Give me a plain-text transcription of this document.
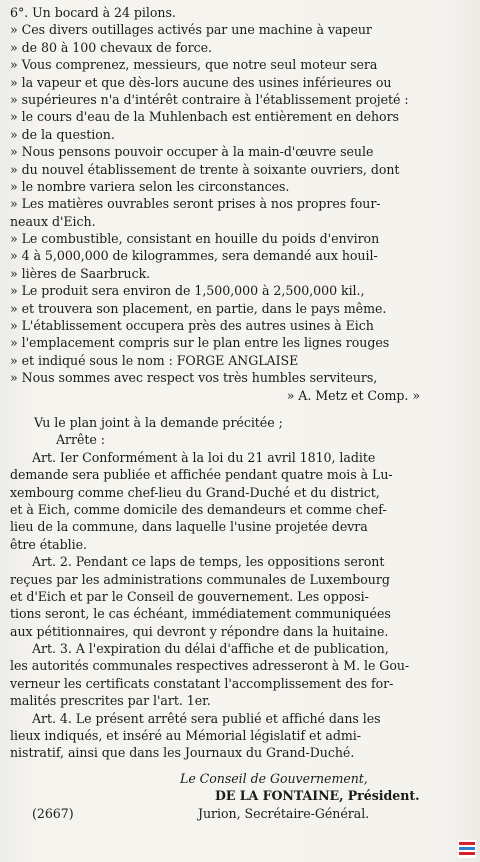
6°. Un bocard à 24 pilons.
» Ces divers outillages activés par une machine à vapeur
» de 80 à 100 chevaux de force.
» Vous comprenez, messieurs, que notre seul moteur sera
» la vapeur et que dès-lors aucune des usines inférieures ou
» supérieures n'a d'intérêt contraire à l'établissement projeté :
» le cours d'eau de la Muhlenbach est entièrement en dehors
» de la question.
» Nous pensons pouvoir occuper à la main-d'œuvre seule
» du nouvel établissement de trente à soixante ouvriers, dont
» le nombre variera selon les circonstances.
» Les matières ouvrables seront prises à nos propres four-
neaux d'Eich.
» Le combustible, consistant en houille du poids d'environ
» 4 à 5,000,000 de kilogrammes, sera demandé aux houil-
» lières de Saarbruck.
» Le produit sera environ de 1,500,000 à 2,500,000 kil.,
» et trouvera son placement, en partie, dans le pays même.
» L'établissement occupera près des autres usines à Eich
» l'emplacement compris sur le plan entre les lignes rouges
» et indiqué sous le nom : FORGE ANGLAISE
» Nous sommes avec respect vos très humbles serviteurs,
» A. Metz et Comp. »
Vu le plan joint à la demande précitée ;
Arrête :
Art. Ier Conformément à la loi du 21 avril 1810, ladite
demande sera publiée et affichée pendant quatre mois à Lu-
xembourg comme chef-lieu du Grand-Duché et du district,
et à Eich, comme domicile des demandeurs et comme chef-
lieu de la commune, dans laquelle l'usine projetée devra
être établie.
Art. 2. Pendant ce laps de temps, les oppositions seront
reçues par les administrations communales de Luxembourg
et d'Eich et par le Conseil de gouvernement. Les opposi-
tions seront, le cas échéant, immédiatement communiquées
aux pétitionnaires, qui devront y répondre dans la huitaine.
Art. 3. A l'expiration du délai d'affiche et de publication,
les autorités communales respectives adresseront à M. le Gou-
verneur les certificats constatant l'accomplissement des for-
malités prescrites par l'art. 1er.
Art. 4. Le présent arrêté sera publié et affiché dans les
lieux indiqués, et inséré au Mémorial législatif et admi-
nistratif, ainsi que dans les Journaux du Grand-Duché.
Le Conseil de Gouvernement,
DE LA FONTAINE, Président.
(2667)	Jurion, Secrétaire-Général.
